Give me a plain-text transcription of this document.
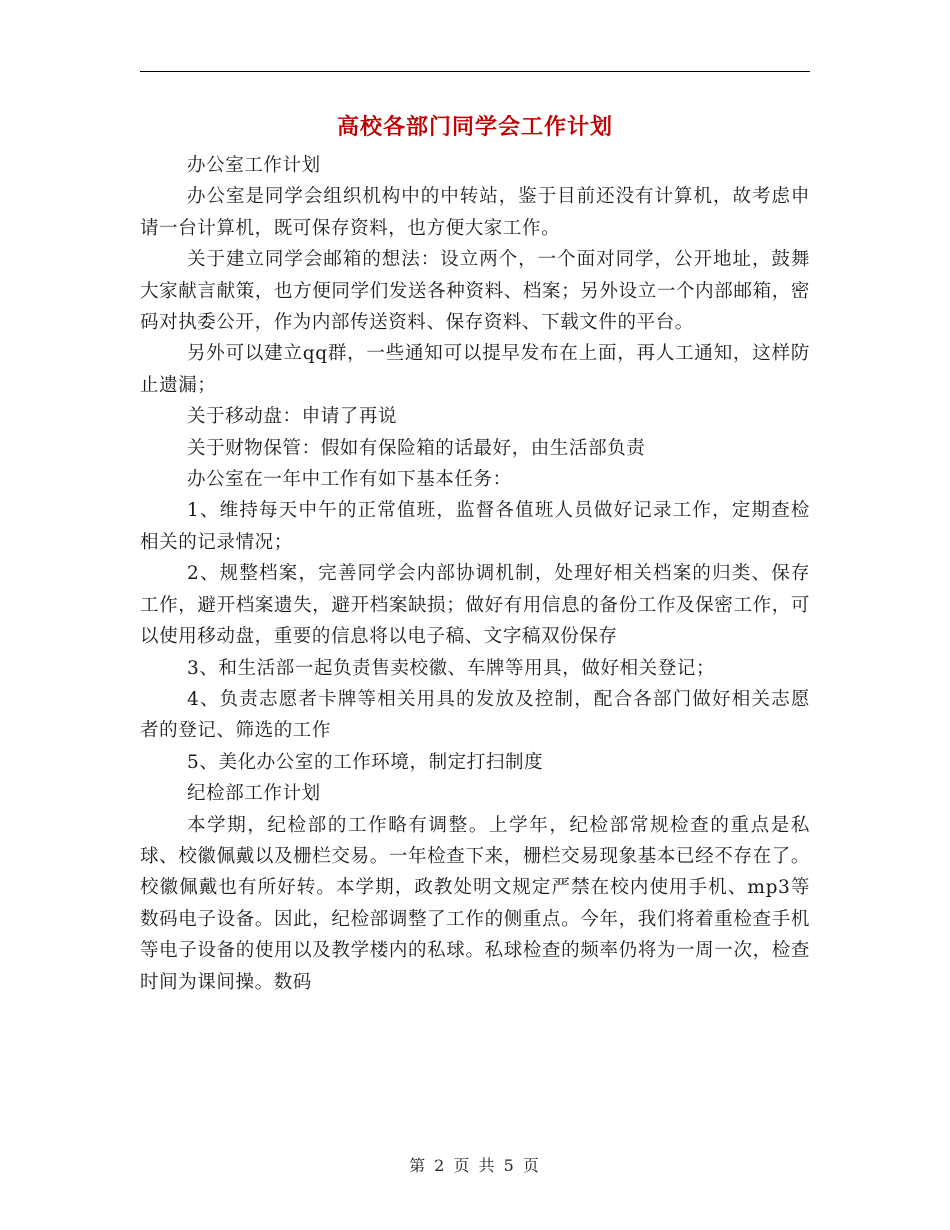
高校各部门同学会工作计划

办公室工作计划

办公室是同学会组织机构中的中转站，鉴于目前还没有计算机，故考虑申请一台计算机，既可保存资料，也方便大家工作。

关于建立同学会邮箱的想法：设立两个，一个面对同学，公开地址，鼓舞大家献言献策，也方便同学们发送各种资料、档案；另外设立一个内部邮箱，密码对执委公开，作为内部传送资料、保存资料、下载文件的平台。

另外可以建立qq群，一些通知可以提早发布在上面，再人工通知，这样防止遗漏；

关于移动盘：申请了再说

关于财物保管：假如有保险箱的话最好，由生活部负责

办公室在一年中工作有如下基本任务：

1、维持每天中午的正常值班，监督各值班人员做好记录工作，定期查检相关的记录情况；

2、规整档案，完善同学会内部协调机制，处理好相关档案的归类、保存工作，避开档案遗失，避开档案缺损；做好有用信息的备份工作及保密工作，可以使用移动盘，重要的信息将以电子稿、文字稿双份保存

3、和生活部一起负责售卖校徽、车牌等用具，做好相关登记；

4、负责志愿者卡牌等相关用具的发放及控制，配合各部门做好相关志愿者的登记、筛选的工作

5、美化办公室的工作环境，制定打扫制度

纪检部工作计划

本学期，纪检部的工作略有调整。上学年，纪检部常规检查的重点是私球、校徽佩戴以及栅栏交易。一年检查下来，栅栏交易现象基本已经不存在了。校徽佩戴也有所好转。本学期，政教处明文规定严禁在校内使用手机、mp3等数码电子设备。因此，纪检部调整了工作的侧重点。今年，我们将着重检查手机等电子设备的使用以及教学楼内的私球。私球检查的频率仍将为一周一次，检查时间为课间操。数码

第 2 页 共 5 页
